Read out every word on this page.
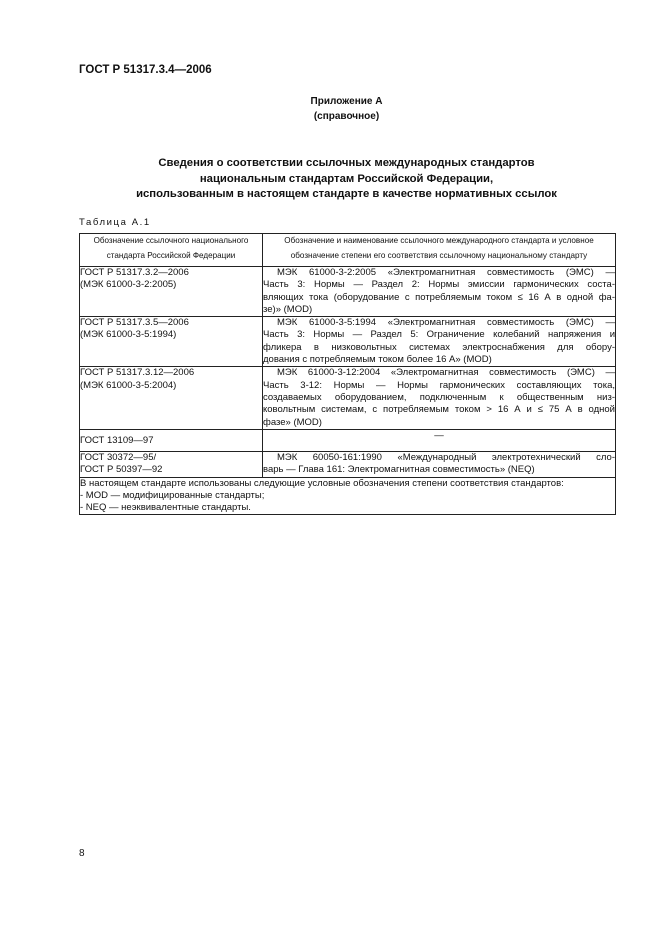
ГОСТ Р 51317.3.4—2006
Приложение А
(справочное)
Сведения о соответствии ссылочных международных стандартов
национальным стандартам Российской Федерации,
использованным в настоящем стандарте в качестве нормативных ссылок
Таблица А.1
Обозначение ссылочного национального
стандарта Российской Федерации	Обозначение и наименование ссылочного международного стандарта и условное
обозначение степени его соответствия ссылочному национальному стандарту

ГОСТ Р 51317.3.2—2006
(МЭК 61000-3-2:2005)	МЭК 61000-3-2:2005 «Электромагнитная совместимость (ЭМС) —
Часть 3: Нормы — Раздел 2: Нормы эмиссии гармонических соста-
вляющих тока (оборудование с потребляемым током ≤ 16 А в одной фа-
зе)» (MOD)

ГОСТ Р 51317.3.5—2006
(МЭК 61000-3-5:1994)	МЭК 61000-3-5:1994 «Электромагнитная совместимость (ЭМС) —
Часть 3: Нормы — Раздел 5: Ограничение колебаний напряжения и
фликера в низковольтных системах электроснабжения для обору-
дования с потребляемым током более 16 А» (MOD)

ГОСТ Р 51317.3.12—2006
(МЭК 61000-3-5:2004)	МЭК 61000-3-12:2004 «Электромагнитная совместимость (ЭМС) —
Часть 3-12: Нормы — Нормы гармонических составляющих тока,
создаваемых оборудованием, подключенным к общественным низ-
ковольтным системам, с потребляемым током > 16 А и ≤ 75 А в одной
фазе» (MOD)

ГОСТ 13109—97	—

ГОСТ 30372—95/
ГОСТ Р 50397—92	МЭК 60050-161:1990 «Международный электротехнический сло-
варь — Глава 161: Электромагнитная совместимость» (NEQ)

В настоящем стандарте использованы следующие условные обозначения степени соответствия стандартов:
- MOD — модифицированные стандарты;
- NEQ — неэквивалентные стандарты.	
8
